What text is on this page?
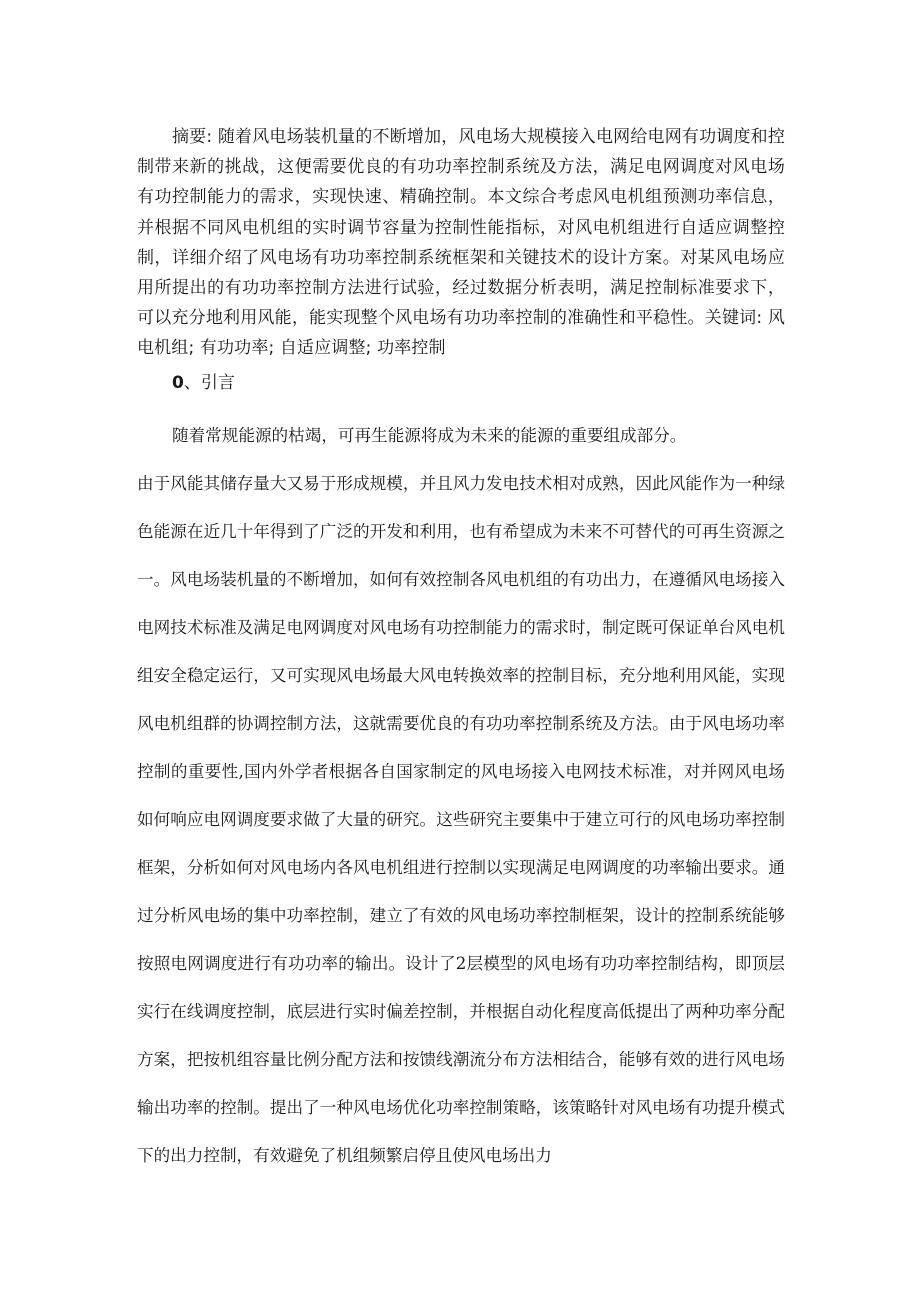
摘要: 随着风电场装机量的不断增加，风电场大规模接入电网给电网有功调度和控制带来新的挑战，这便需要优良的有功功率控制系统及方法，满足电网调度对风电场有功控制能力的需求，实现快速、精确控制。本文综合考虑风电机组预测功率信息，并根据不同风电机组的实时调节容量为控制性能指标，对风电机组进行自适应调整控制，详细介绍了风电场有功功率控制系统框架和关键技术的设计方案。对某风电场应用所提出的有功功率控制方法进行试验，经过数据分析表明，满足控制标准要求下，可以充分地利用风能，能实现整个风电场有功功率控制的准确性和平稳性。关键词: 风电机组; 有功功率; 自适应调整; 功率控制

0、引言

随着常规能源的枯竭，可再生能源将成为未来的能源的重要组成部分。
由于风能其储存量大又易于形成规模，并且风力发电技术相对成熟，因此风能作为一种绿色能源在近几十年得到了广泛的开发和利用，也有希望成为未来不可替代的可再生资源之一。风电场装机量的不断增加，如何有效控制各风电机组的有功出力，在遵循风电场接入电网技术标准及满足电网调度对风电场有功控制能力的需求时，制定既可保证单台风电机组安全稳定运行，又可实现风电场最大风电转换效率的控制目标，充分地利用风能，实现风电机组群的协调控制方法，这就需要优良的有功功率控制系统及方法。由于风电场功率控制的重要性,国内外学者根据各自国家制定的风电场接入电网技术标准，对并网风电场如何响应电网调度要求做了大量的研究。这些研究主要集中于建立可行的风电场功率控制框架，分析如何对风电场内各风电机组进行控制以实现满足电网调度的功率输出要求。通过分析风电场的集中功率控制，建立了有效的风电场功率控制框架，设计的控制系统能够按照电网调度进行有功功率的输出。设计了2层模型的风电场有功功率控制结构，即顶层实行在线调度控制，底层进行实时偏差控制，并根据自动化程度高低提出了两种功率分配方案，把按机组容量比例分配方法和按馈线潮流分布方法相结合，能够有效的进行风电场输出功率的控制。提出了一种风电场优化功率控制策略，该策略针对风电场有功提升模式下的出力控制，有效避免了机组频繁启停且使风电场出力
